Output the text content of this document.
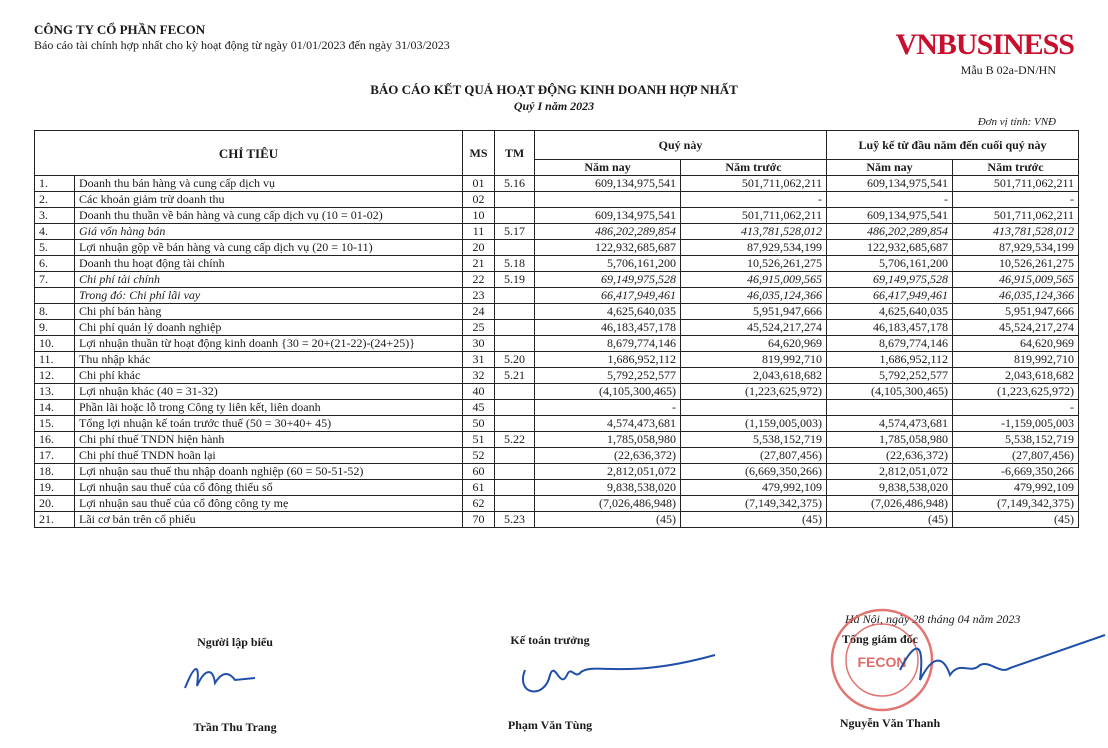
CÔNG TY CỔ PHẦN FECON
Báo cáo tài chính hợp nhất cho kỳ hoạt động từ ngày 01/01/2023 đến ngày 31/03/2023	VNBUSINESS
Mẫu B 02a-DN/HN
BÁO CÁO KẾT QUẢ HOẠT ĐỘNG KINH DOANH HỢP NHẤT
Quý I năm 2023
Đơn vị tính: VNĐ
CHỈ TIÊU		MS	TM	Quý này		Luỹ kế từ đầu năm đến cuối quý này	
				Năm nay	Năm trước	Năm nay	Năm trước
1.	Doanh thu bán hàng và cung cấp dịch vụ	01	5.16	609,134,975,541	501,711,062,211	609,134,975,541	501,711,062,211
2.	Các khoản giảm trừ doanh thu	02			-	-	-
3.	Doanh thu thuần về bán hàng và cung cấp dịch vụ (10 = 01-02)	10		609,134,975,541	501,711,062,211	609,134,975,541	501,711,062,211
4.	Giá vốn hàng bán	11	5.17	486,202,289,854	413,781,528,012	486,202,289,854	413,781,528,012
5.	Lợi nhuận gộp về bán hàng và cung cấp dịch vụ (20 = 10-11)	20		122,932,685,687	87,929,534,199	122,932,685,687	87,929,534,199
6.	Doanh thu hoạt động tài chính	21	5.18	5,706,161,200	10,526,261,275	5,706,161,200	10,526,261,275
7.	Chi phí tài chính	22	5.19	69,149,975,528	46,915,009,565	69,149,975,528	46,915,009,565
	Trong đó: Chi phí lãi vay	23		66,417,949,461	46,035,124,366	66,417,949,461	46,035,124,366
8.	Chi phí bán hàng	24		4,625,640,035	5,951,947,666	4,625,640,035	5,951,947,666
9.	Chi phí quản lý doanh nghiệp	25		46,183,457,178	45,524,217,274	46,183,457,178	45,524,217,274
10.	Lợi nhuận thuần từ hoạt động kinh doanh {30 = 20+(21-22)-(24+25)}	30		8,679,774,146	64,620,969	8,679,774,146	64,620,969
11.	Thu nhập khác	31	5.20	1,686,952,112	819,992,710	1,686,952,112	819,992,710
12.	Chi phí khác	32	5.21	5,792,252,577	2,043,618,682	5,792,252,577	2,043,618,682
13.	Lợi nhuận khác (40 = 31-32)	40		(4,105,300,465)	(1,223,625,972)	(4,105,300,465)	(1,223,625,972)
14.	Phần lãi hoặc lỗ trong Công ty liên kết, liên doanh	45		-			-
15.	Tổng lợi nhuận kế toán trước thuế (50 = 30+40+ 45)	50		4,574,473,681	(1,159,005,003)	4,574,473,681	-1,159,005,003
16.	Chi phí thuế TNDN hiện hành	51	5.22	1,785,058,980	5,538,152,719	1,785,058,980	5,538,152,719
17.	Chi phí thuế TNDN hoãn lại	52		(22,636,372)	(27,807,456)	(22,636,372)	(27,807,456)
18.	Lợi nhuận sau thuế thu nhập doanh nghiệp (60 = 50-51-52)	60		2,812,051,072	(6,669,350,266)	2,812,051,072	-6,669,350,266
19.	Lợi nhuận sau thuế của cổ đông thiểu số	61		9,838,538,020	479,992,109	9,838,538,020	479,992,109
20.	Lợi nhuận sau thuế của cổ đông công ty mẹ	62		(7,026,486,948)	(7,149,342,375)	(7,026,486,948)	(7,149,342,375)
21.	Lãi cơ bản trên cổ phiếu	70	5.23	(45)	(45)	(45)	(45)
Hà Nội, ngày 28 tháng 04 năm 2023
Người lập biểu	Kế toán trưởng	Tổng giám đốc
FECON
Trần Thu Trang	Phạm Văn Tùng	Nguyễn Văn Thanh
